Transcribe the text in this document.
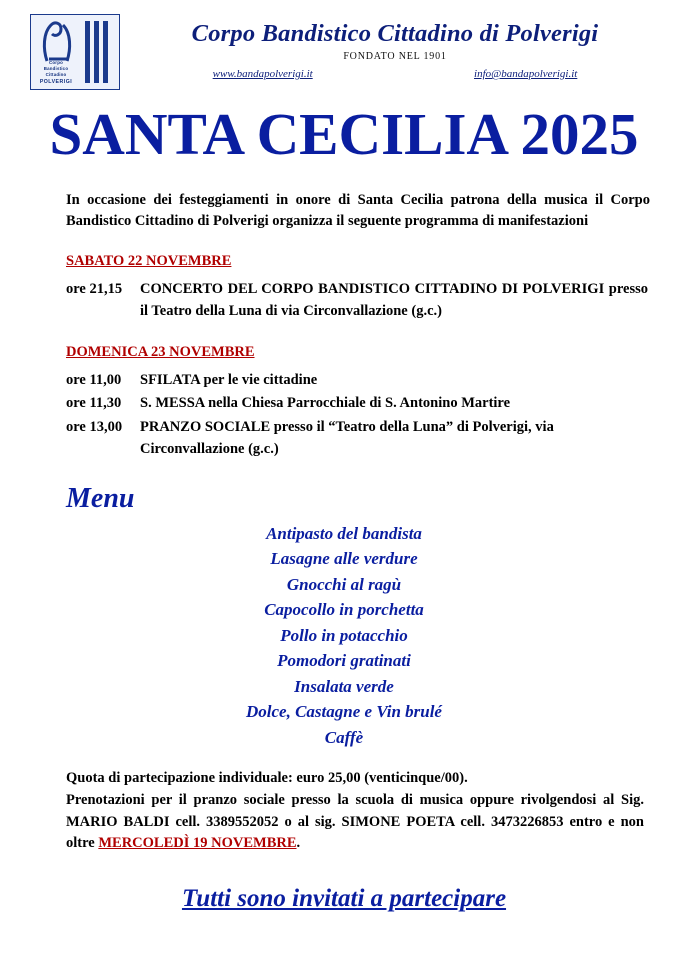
Corpo
Bandistico
Cittadino
POLVERIGI
Corpo Bandistico Cittadino di Polverigi
FONDATO NEL 1901
www.bandapolverigi.it	info@bandapolverigi.it
SANTA CECILIA 2025
In occasione dei festeggiamenti in onore di Santa Cecilia patrona della musica il Corpo Bandistico Cittadino di Polverigi organizza il seguente programma di manifestazioni
SABATO 22 NOVEMBRE
ore 21,15	CONCERTO DEL CORPO BANDISTICO CITTADINO DI POLVERIGI presso il Teatro della Luna di via Circonvallazione (g.c.)
DOMENICA 23 NOVEMBRE
ore 11,00	SFILATA per le vie cittadine
ore 11,30	S. MESSA nella Chiesa Parrocchiale di S. Antonino Martire
ore 13,00	PRANZO SOCIALE presso il “Teatro della Luna” di Polverigi, via Circonvallazione (g.c.)
Menu
Antipasto del bandista
Lasagne alle verdure
Gnocchi al ragù
Capocollo in porchetta
Pollo in potacchio
Pomodori gratinati
Insalata verde
Dolce, Castagne e Vin brulé
Caffè
Quota di partecipazione individuale: euro 25,00 (venticinque/00).
Prenotazioni per il pranzo sociale presso la scuola di musica oppure rivolgendosi al Sig. MARIO BALDI cell. 3389552052 o al sig. SIMONE POETA cell. 3473226853 entro e non oltre MERCOLEDÌ 19 NOVEMBRE.
Tutti sono invitati a partecipare
